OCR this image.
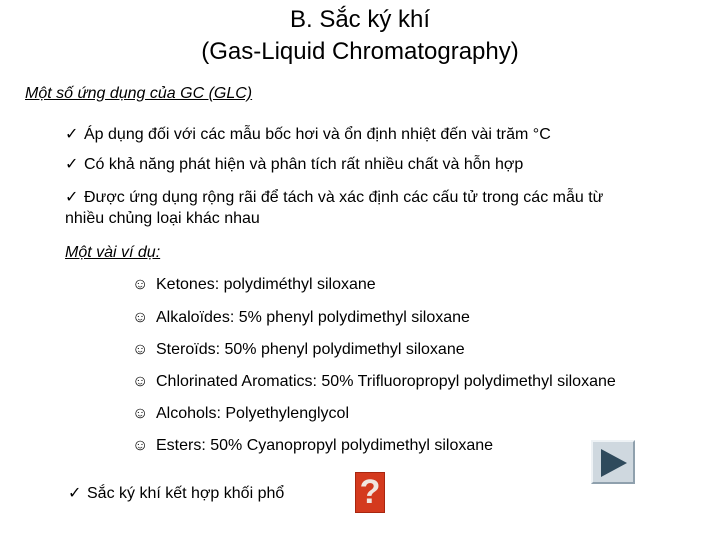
B. Sắc ký khí
(Gas-Liquid Chromatography)
Một số ứng dụng của GC (GLC)
✓ Áp dụng đối với các mẫu bốc hơi và ổn định nhiệt đến vài trăm °C
✓ Có khả năng phát hiện và phân tích rất nhiều chất và hỗn hợp
✓ Được ứng dụng rộng rãi để tách và xác định các cấu tử trong các mẫu từ
nhiều chủng loại khác nhau
Một vài ví dụ:
☺ Ketones: polydiméthyl siloxane
☺ Alkaloïdes: 5% phenyl polydimethyl siloxane
☺ Steroïds: 50% phenyl polydimethyl siloxane
☺ Chlorinated Aromatics: 50% Trifluoropropyl polydimethyl siloxane
☺ Alcohols: Polyethylenglycol
☺ Esters: 50% Cyanopropyl polydimethyl siloxane
✓ Sắc ký khí kết hợp khối phổ ?
